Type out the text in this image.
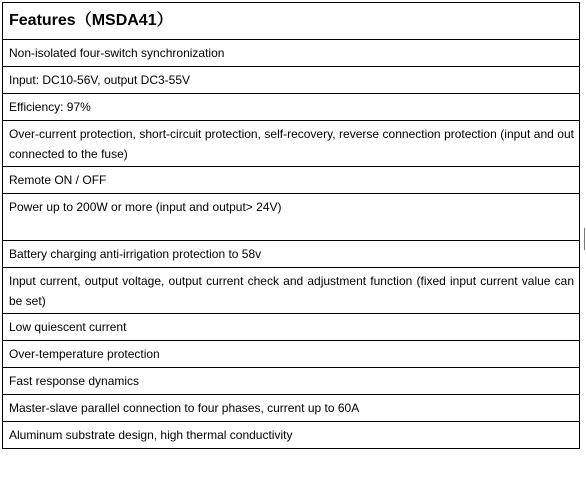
Features（MSDA41）
Non-isolated four-switch synchronization
Input: DC10-56V, output DC3-55V
Efficiency: 97%
Over-current protection, short-circuit protection, self-recovery, reverse connection protection (input and out connected to the fuse)
Remote ON / OFF
Power up to 200W or more (input and output> 24V)
Battery charging anti-irrigation protection to 58v
Input current, output voltage, output current check and adjustment function (fixed input current value can be set)
Low quiescent current
Over-temperature protection
Fast response dynamics
Master-slave parallel connection to four phases, current up to 60A
Aluminum substrate design, high thermal conductivity
